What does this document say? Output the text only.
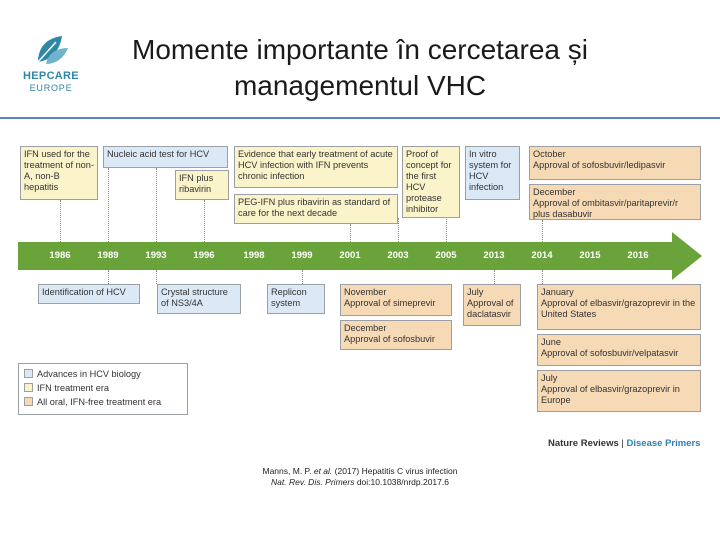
HEPCARE
EUROPE
Momente importante în cercetarea și
managementul VHC
IFN used for the treatment of non-A, non-B hepatitis
Nucleic acid test for HCV
IFN plus ribavirin
Evidence that early treatment of acute HCV infection with IFN prevents chronic infection
PEG-IFN plus ribavirin as standard of care for the next decade
Proof of concept for the first HCV protease inhibitor
In vitro system for HCV infection
October
Approval of sofosbuvir/ledipasvir
December
Approval of ombitasvir/paritaprevir/r plus dasabuvir
1986	1989	1993	1996	1998	1999	2001	2003	2005	2013	2014	2015	2016
Identification of HCV	Crystal structure of NS3/4A
Replicon system
November
Approval of simeprevir
December
Approval of sofosbuvir
July
Approval of daclatasvir
January
Approval of elbasvir/grazoprevir in the United States
June
Approval of sofosbuvir/velpatasvir
July
Approval of elbasvir/grazoprevir in Europe
Advances in HCV biology
IFN treatment era
All oral, IFN-free treatment era
Nature Reviews | Disease Primers
Manns, M. P. et al. (2017) Hepatitis C virus infection
Nat. Rev. Dis. Primers doi:10.1038/nrdp.2017.6
